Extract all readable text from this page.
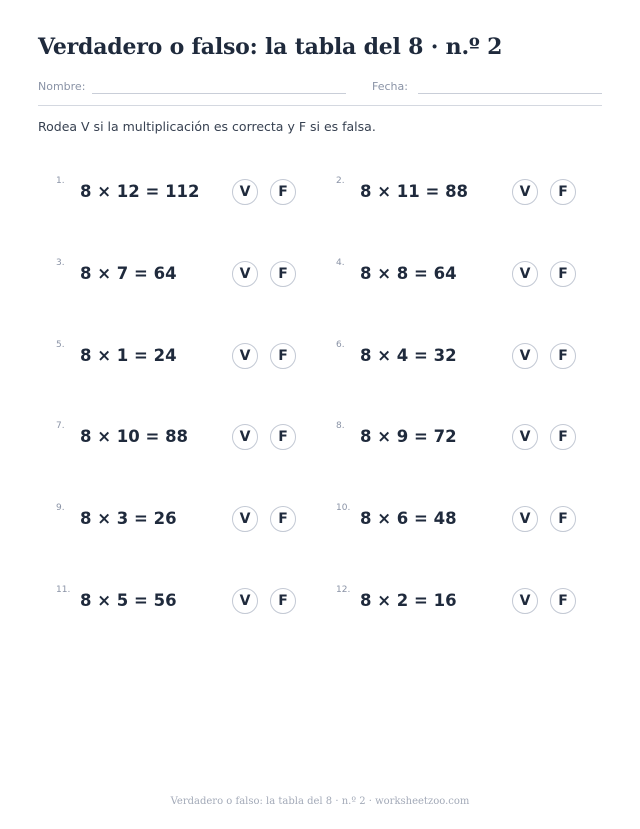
Verdadero o falso: la tabla del 8 · n.º 2
Nombre:	Fecha:
Rodea V si la multiplicación es correcta y F si es falsa.
1.
8 × 12 = 112	V	F
2.
8 × 11 = 88	V	F
3.
8 × 7 = 64	V	F
4.
8 × 8 = 64	V	F
5.
8 × 1 = 24	V	F
6.
8 × 4 = 32	V	F
7.
8 × 10 = 88	V	F
8.
8 × 9 = 72	V	F
9.
8 × 3 = 26	V	F
10.
8 × 6 = 48	V	F
11.
8 × 5 = 56	V	F
12.
8 × 2 = 16	V	F
Verdadero o falso: la tabla del 8 · n.º 2 · worksheetzoo.com
